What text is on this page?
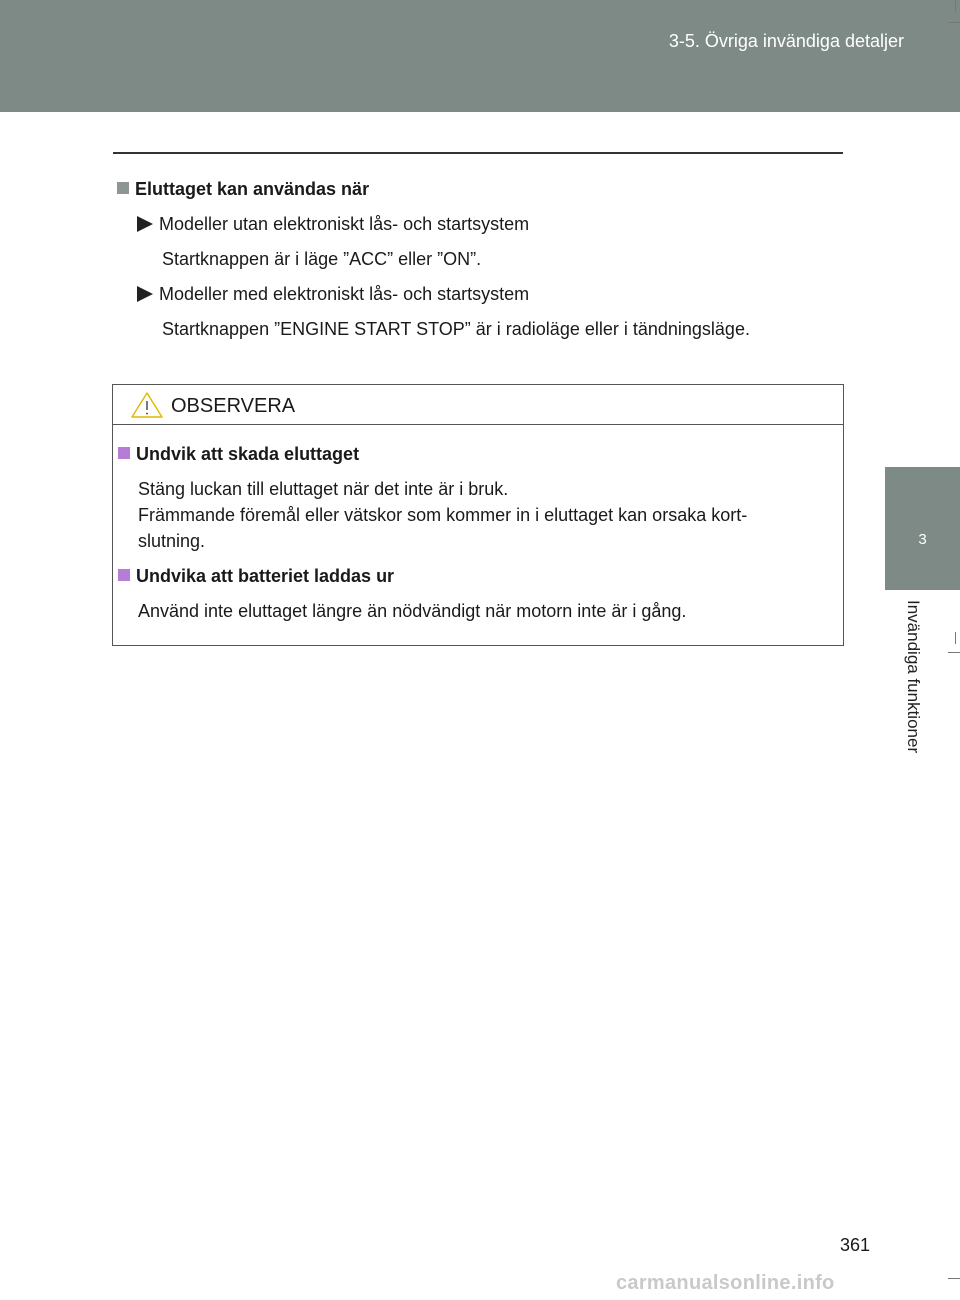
3-5. Övriga invändiga detaljer
3
Invändiga funktioner
Eluttaget kan användas när
Modeller utan elektroniskt lås- och startsystem
Startknappen är i läge ”ACC” eller ”ON”.
Modeller med elektroniskt lås- och startsystem
Startknappen ”ENGINE START STOP” är i radioläge eller i tändningsläge.
OBSERVERA
Undvik att skada eluttaget
Stäng luckan till eluttaget när det inte är i bruk.
Främmande föremål eller vätskor som kommer in i eluttaget kan orsaka kort-
slutning.
Undvika att batteriet laddas ur
Använd inte eluttaget längre än nödvändigt när motorn inte är i gång.
361
carmanualsonline.info
